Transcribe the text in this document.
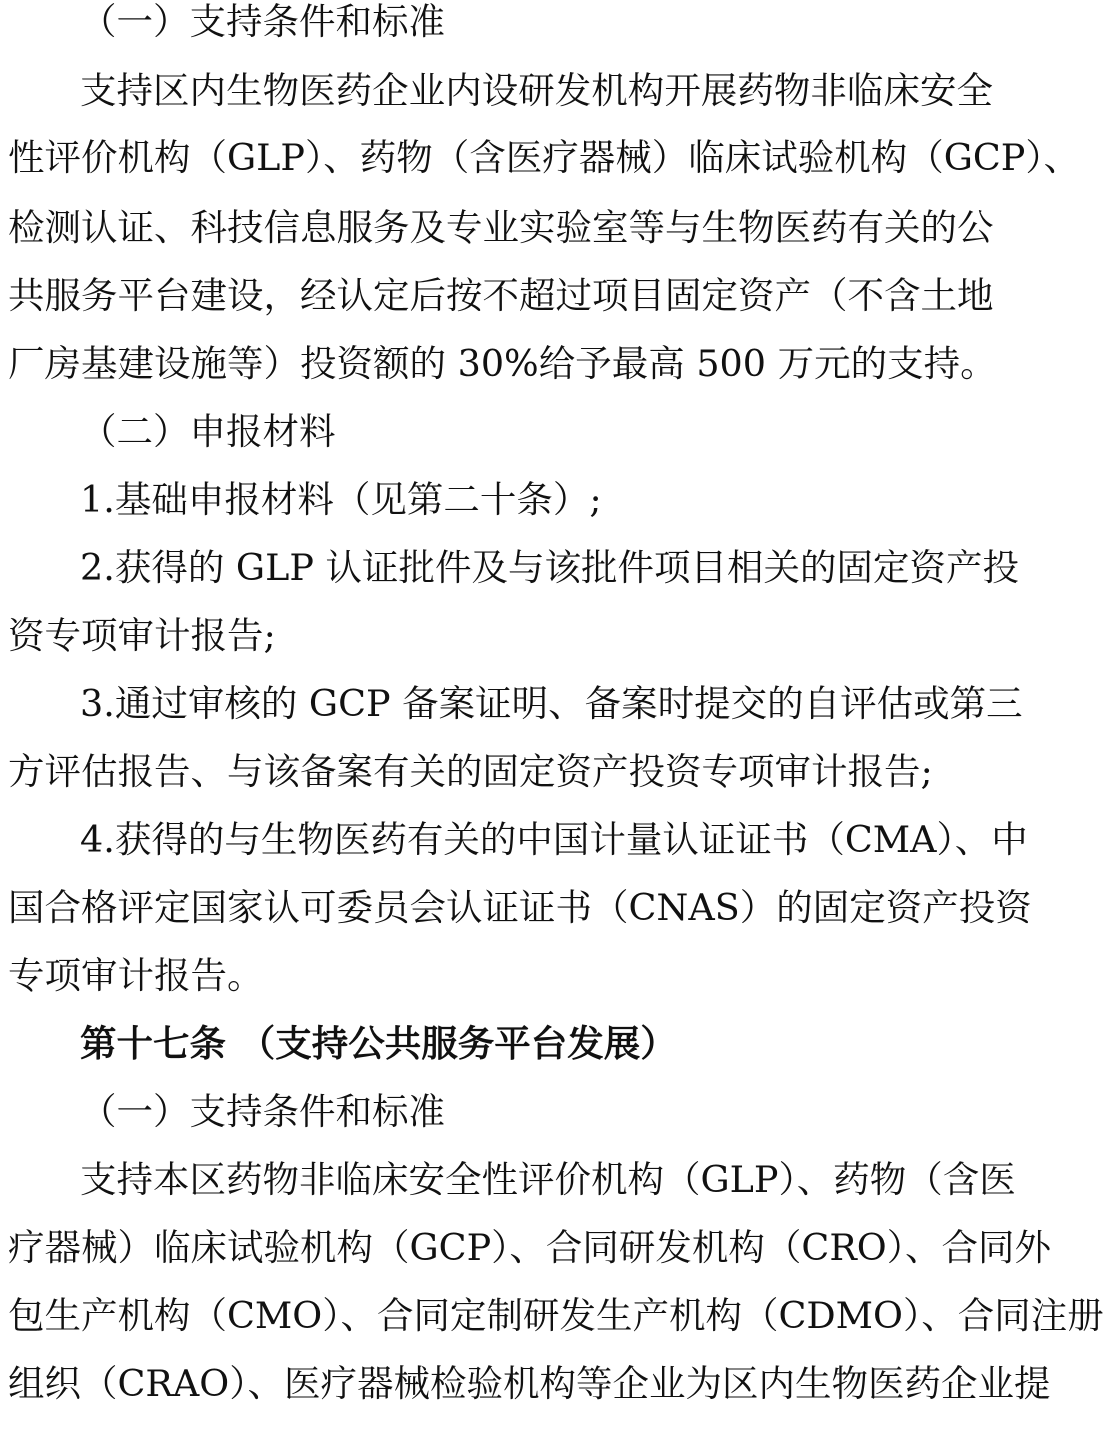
（一）支持条件和标准
支持区内生物医药企业内设研发机构开展药物非临床安全
性评价机构（GLP）、药物（含医疗器械）临床试验机构（GCP）、
检测认证、科技信息服务及专业实验室等与生物医药有关的公
共服务平台建设，经认定后按不超过项目固定资产（不含土地
厂房基建设施等）投资额的 30%给予最高 500 万元的支持。
（二）申报材料
1.基础申报材料（见第二十条）;
2.获得的 GLP 认证批件及与该批件项目相关的固定资产投
资专项审计报告;
3.通过审核的 GCP 备案证明、备案时提交的自评估或第三
方评估报告、与该备案有关的固定资产投资专项审计报告;
4.获得的与生物医药有关的中国计量认证证书（CMA）、中
国合格评定国家认可委员会认证证书（CNAS）的固定资产投资
专项审计报告。
第十七条 （支持公共服务平台发展）
（一）支持条件和标准
支持本区药物非临床安全性评价机构（GLP）、药物（含医
疗器械）临床试验机构（GCP）、合同研发机构（CRO）、合同外
包生产机构（CMO）、合同定制研发生产机构（CDMO）、合同注册
组织（CRAO）、医疗器械检验机构等企业为区内生物医药企业提
